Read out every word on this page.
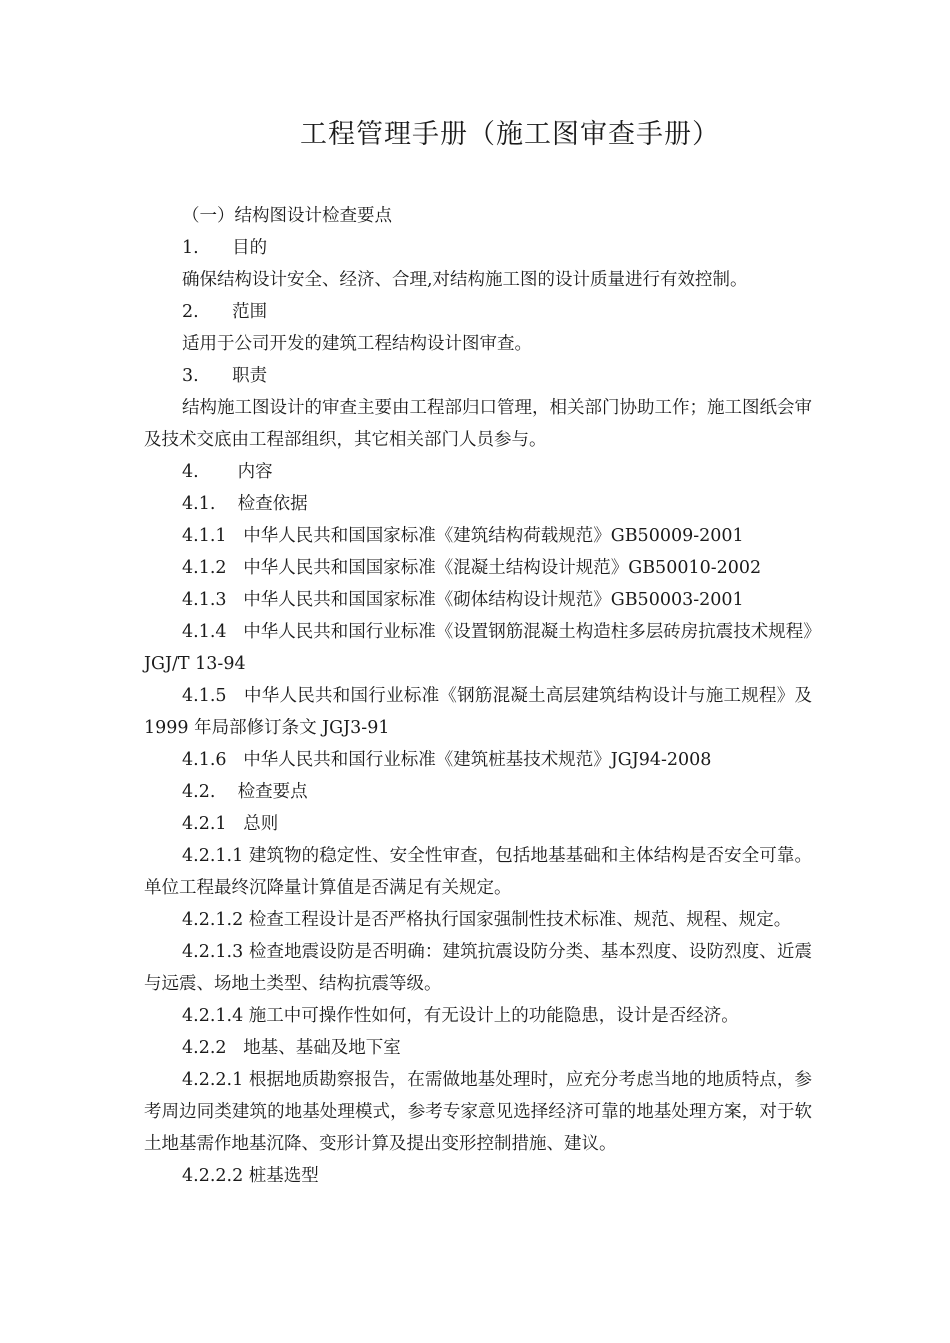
工程管理手册（施工图审查手册）

（一）结构图设计检查要点

1.      目的

确保结构设计安全、经济、合理,对结构施工图的设计质量进行有效控制。

2.      范围

适用于公司开发的建筑工程结构设计图审查。

3.      职责

结构施工图设计的审查主要由工程部归口管理，相关部门协助工作；施工图纸会审及技术交底由工程部组织，其它相关部门人员参与。

4.       内容

4.1.    检查依据

4.1.1   中华人民共和国国家标准《建筑结构荷载规范》GB50009-2001

4.1.2   中华人民共和国国家标准《混凝土结构设计规范》GB50010-2002

4.1.3   中华人民共和国国家标准《砌体结构设计规范》GB50003-2001

4.1.4   中华人民共和国行业标准《设置钢筋混凝土构造柱多层砖房抗震技术规程》JGJ/T 13-94

4.1.5   中华人民共和国行业标准《钢筋混凝土高层建筑结构设计与施工规程》及 1999 年局部修订条文 JGJ3-91

4.1.6   中华人民共和国行业标准《建筑桩基技术规范》JGJ94-2008

4.2.    检查要点

4.2.1   总则

4.2.1.1 建筑物的稳定性、安全性审查，包括地基基础和主体结构是否安全可靠。单位工程最终沉降量计算值是否满足有关规定。

4.2.1.2 检查工程设计是否严格执行国家强制性技术标准、规范、规程、规定。

4.2.1.3 检查地震设防是否明确：建筑抗震设防分类、基本烈度、设防烈度、近震与远震、场地土类型、结构抗震等级。

4.2.1.4 施工中可操作性如何，有无设计上的功能隐患，设计是否经济。

4.2.2   地基、基础及地下室

4.2.2.1 根据地质勘察报告，在需做地基处理时，应充分考虑当地的地质特点，参考周边同类建筑的地基处理模式，参考专家意见选择经济可靠的地基处理方案，对于软土地基需作地基沉降、变形计算及提出变形控制措施、建议。

4.2.2.2 桩基选型
